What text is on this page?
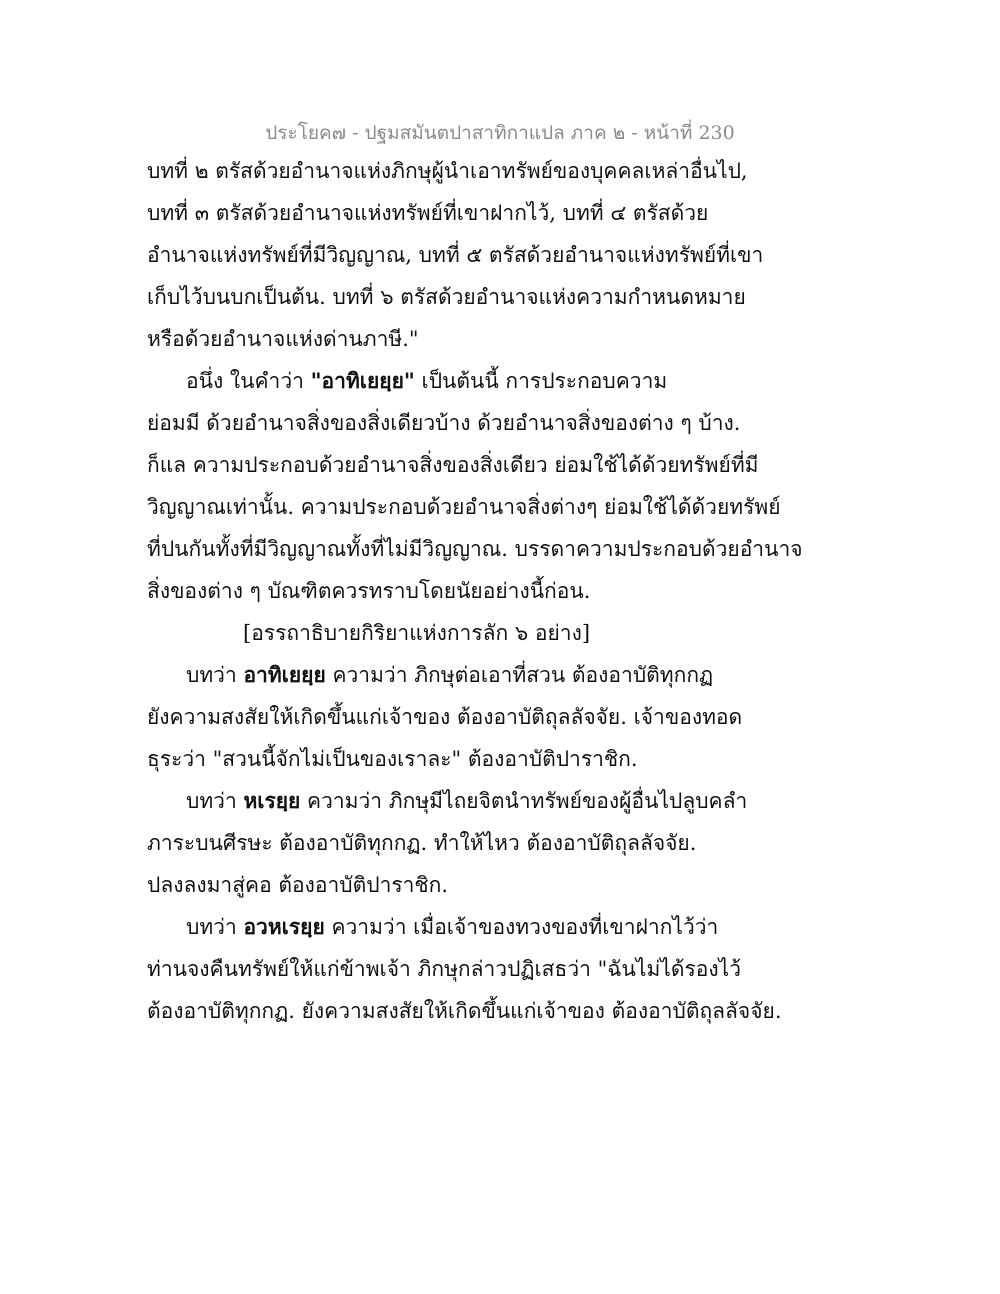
ประโยค๗ - ปฐมสมันตปาสาทิกาแปล ภาค ๒ - หน้าที่ 230
บทที่ ๒ ตรัสด้วยอำนาจแห่งภิกษุผู้นำเอาทรัพย์ของบุคคลเหล่าอื่นไป,
บทที่ ๓ ตรัสด้วยอำนาจแห่งทรัพย์ที่เขาฝากไว้, บทที่ ๔ ตรัสด้วย
อำนาจแห่งทรัพย์ที่มีวิญญาณ, บทที่ ๕ ตรัสด้วยอำนาจแห่งทรัพย์ที่เขา
เก็บไว้บนบกเป็นต้น. บทที่ ๖ ตรัสด้วยอำนาจแห่งความกำหนดหมาย
หรือด้วยอำนาจแห่งด่านภาษี."
อนึ่ง ในคำว่า "อาทิเยยฺย" เป็นต้นนี้ การประกอบความ
ย่อมมี ด้วยอำนาจสิ่งของสิ่งเดียวบ้าง ด้วยอำนาจสิ่งของต่าง ๆ บ้าง.
ก็แล ความประกอบด้วยอำนาจสิ่งของสิ่งเดียว ย่อมใช้ได้ด้วยทรัพย์ที่มี
วิญญาณเท่านั้น. ความประกอบด้วยอำนาจสิ่งต่างๆ ย่อมใช้ได้ด้วยทรัพย์
ที่ปนกันทั้งที่มีวิญญาณทั้งที่ไม่มีวิญญาณ. บรรดาความประกอบด้วยอำนาจ
สิ่งของต่าง ๆ บัณฑิตควรทราบโดยนัยอย่างนี้ก่อน.
[อรรถาธิบายกิริยาแห่งการลัก ๖ อย่าง]
บทว่า อาทิเยยฺย ความว่า ภิกษุต่อเอาที่สวน ต้องอาบัติทุกกฏ
ยังความสงสัยให้เกิดขึ้นแก่เจ้าของ ต้องอาบัติถุลลัจจัย. เจ้าของทอด
ธุระว่า "สวนนี้จักไม่เป็นของเราละ" ต้องอาบัติปาราชิก.
บทว่า หเรยฺย ความว่า ภิกษุมีไถยจิตนำทรัพย์ของผู้อื่นไปลูบคลำ
ภาระบนศีรษะ ต้องอาบัติทุกกฏ. ทำให้ไหว ต้องอาบัติถุลลัจจัย.
ปลงลงมาสู่คอ ต้องอาบัติปาราชิก.
บทว่า อวหเรยฺย ความว่า เมื่อเจ้าของทวงของที่เขาฝากไว้ว่า
ท่านจงคืนทรัพย์ให้แก่ข้าพเจ้า ภิกษุกล่าวปฏิเสธว่า "ฉันไม่ได้รองไว้
ต้องอาบัติทุกกฏ. ยังความสงสัยให้เกิดขึ้นแก่เจ้าของ ต้องอาบัติถุลลัจจัย.
